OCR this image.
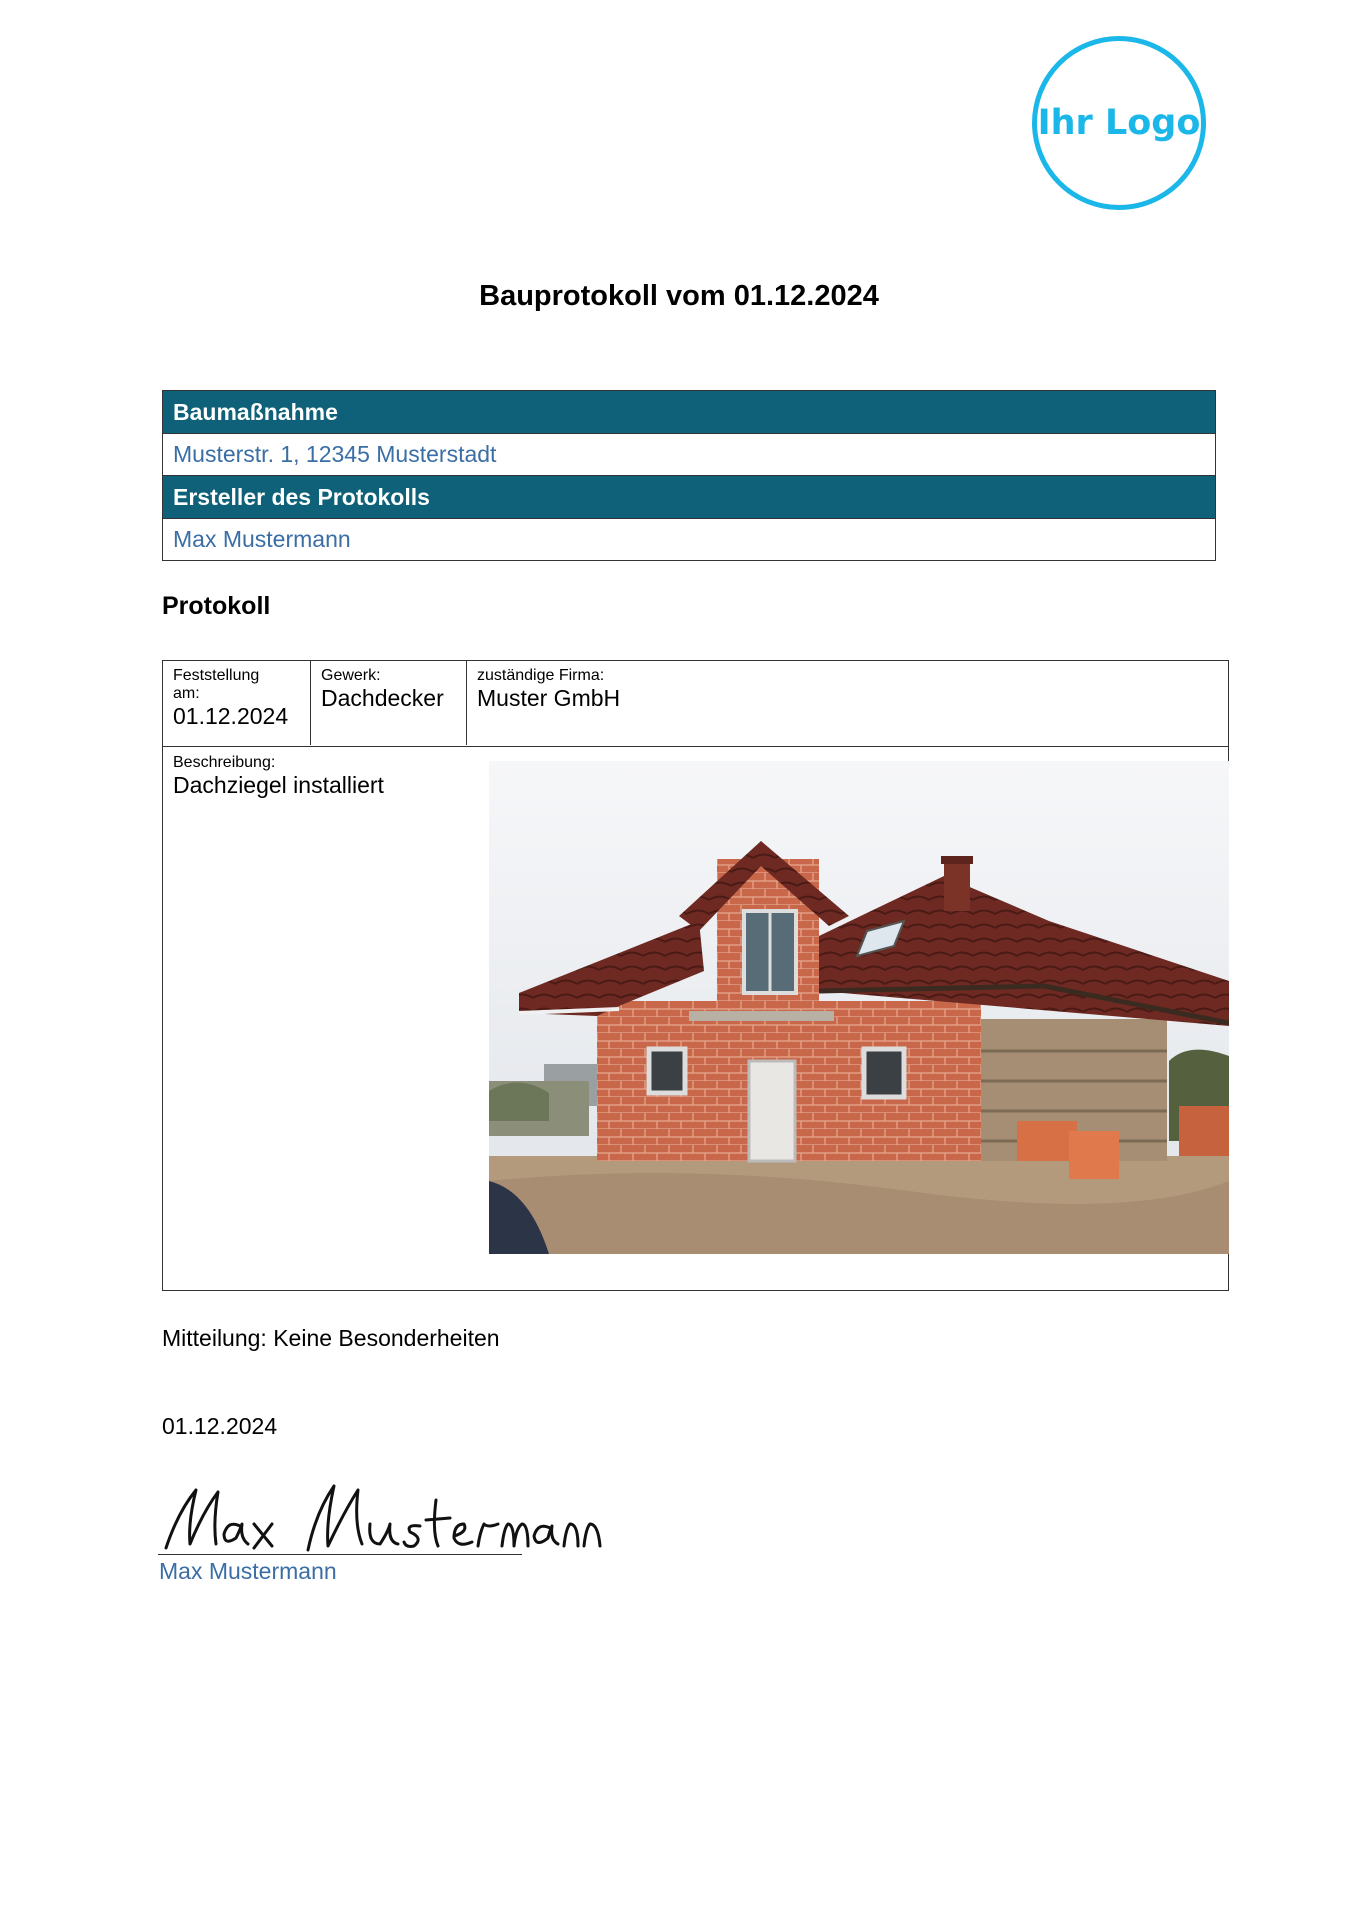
Ihr Logo
Bauprotokoll vom 01.12.2024
Baumaßnahme
Musterstr. 1, 12345 Musterstadt
Ersteller des Protokolls
Max Mustermann
Protokoll
Feststellung am:
01.12.2024
Gewerk:
Dachdecker
zuständige Firma:
Muster GmbH
Beschreibung:
Dachziegel installiert
Mitteilung: Keine Besonderheiten
01.12.2024
Max Mustermann
